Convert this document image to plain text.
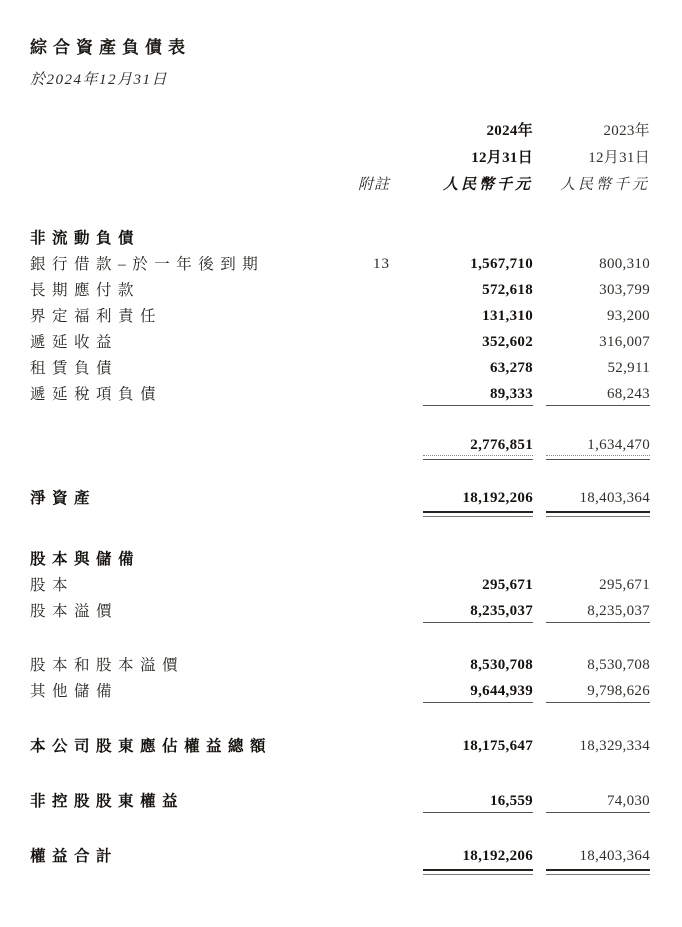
綜合資產負債表
於2024年12月31日
2024年	2023年
12月31日	12月31日
附註	人民幣千元	人民幣千元
非流動負債
銀行借款–於一年後到期	13	1,567,710	800,310
長期應付款	572,618	303,799
界定福利責任	131,310	93,200
遞延收益	352,602	316,007
租賃負債	63,278	52,911
遞延稅項負債	89,333	68,243
2,776,851	1,634,470
淨資產	18,192,206	18,403,364
股本與儲備
股本	295,671	295,671
股本溢價	8,235,037	8,235,037
股本和股本溢價	8,530,708	8,530,708
其他儲備	9,644,939	9,798,626
本公司股東應佔權益總額	18,175,647	18,329,334
非控股股東權益	16,559	74,030
權益合計	18,192,206	18,403,364
